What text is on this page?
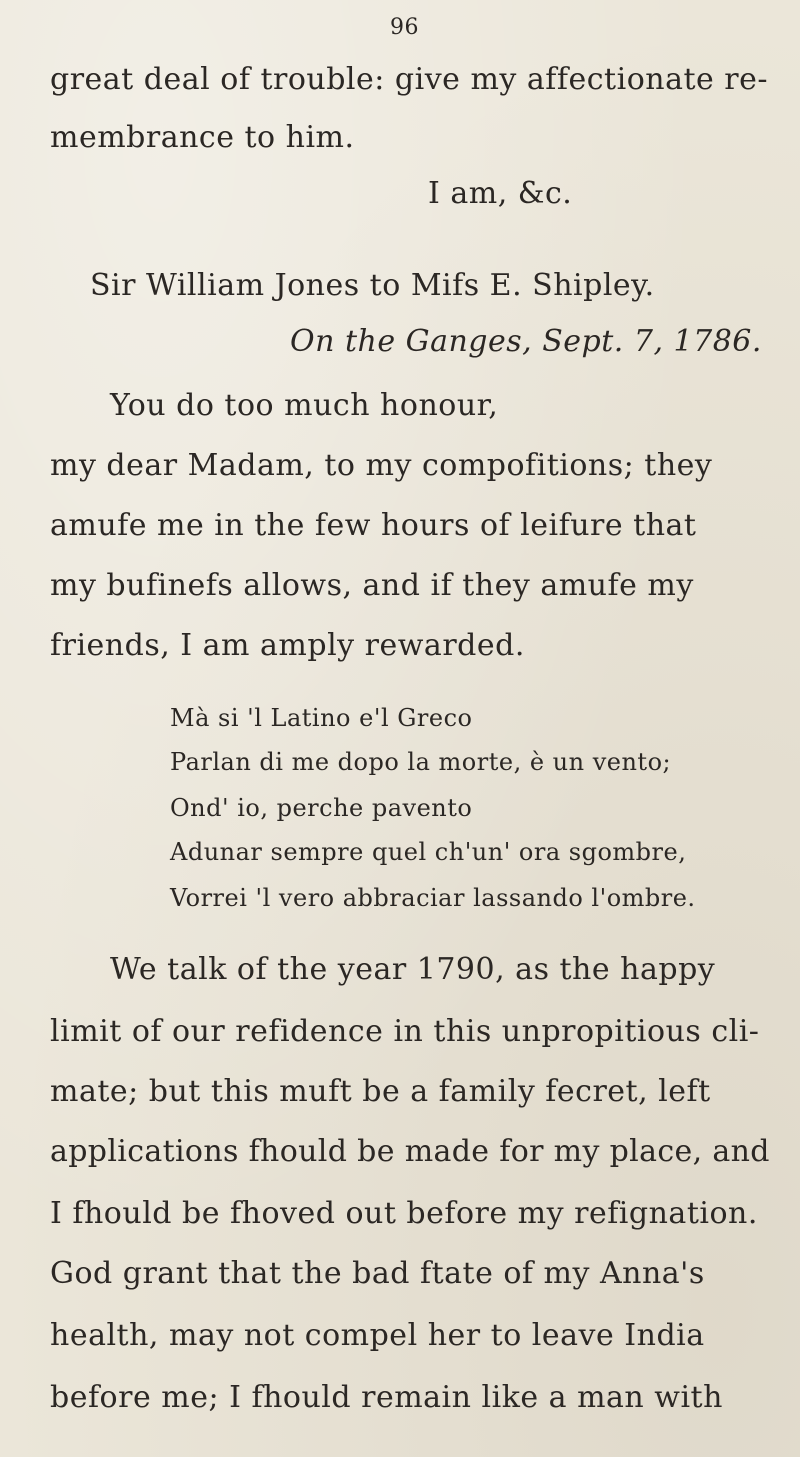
96
great deal of trouble: give my affectionate re-
membrance to him.
I am, &c.
Sir William Jones to Mifs E. Shipley.
On the Ganges, Sept. 7, 1786.
You do too much honour,
my dear Madam, to my compofitions; they
amufe me in the few hours of leifure that
my bufinefs allows, and if they amufe my
friends, I am amply rewarded.
Mà si 'l Latino e'l Greco
Parlan di me dopo la morte, è un vento;
Ond' io, perche pavento
Adunar sempre quel ch'un' ora sgombre,
Vorrei 'l vero abbraciar lassando l'ombre.
We talk of the year 1790, as the happy
limit of our refidence in this unpropitious cli-
mate; but this muft be a family fecret, left
applications fhould be made for my place, and
I fhould be fhoved out before my refignation.
God grant that the bad ftate of my Anna's
health, may not compel her to leave India
before me; I fhould remain like a man with
